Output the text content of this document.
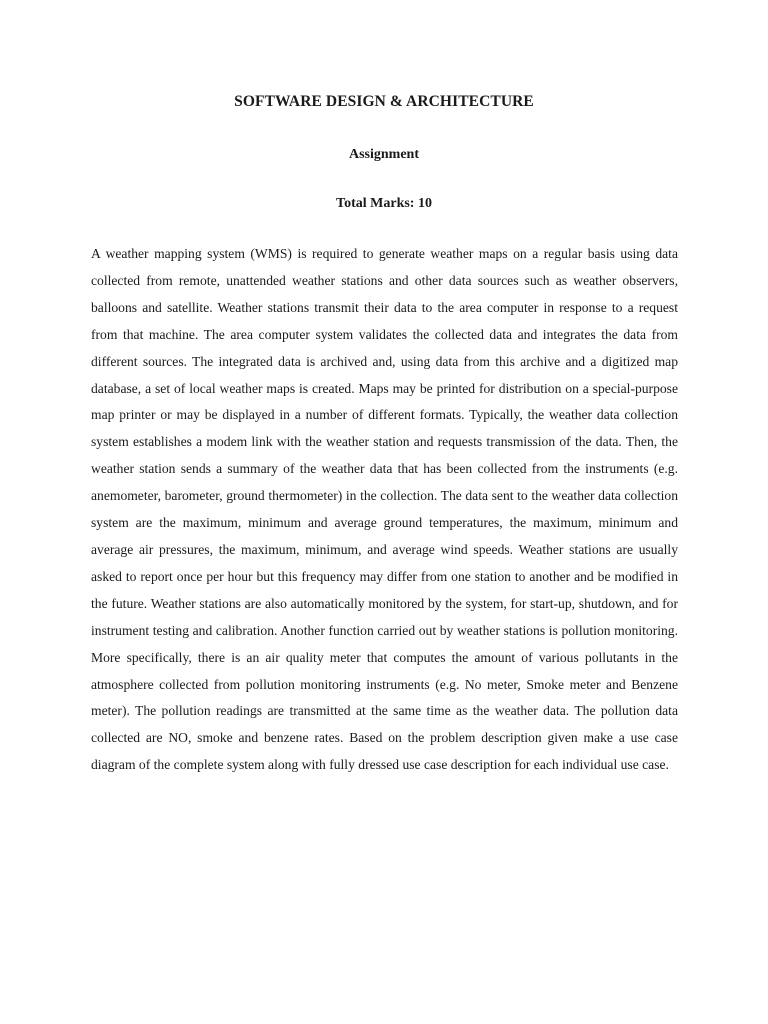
SOFTWARE DESIGN & ARCHITECTURE
Assignment
Total Marks: 10

A weather mapping system (WMS) is required to generate weather maps on a regular basis using data collected from remote, unattended weather stations and other data sources such as weather observers, balloons and satellite. Weather stations transmit their data to the area computer in response to a request from that machine. The area computer system validates the collected data and integrates the data from different sources. The integrated data is archived and, using data from this archive and a digitized map database, a set of local weather maps is created. Maps may be printed for distribution on a special-purpose map printer or may be displayed in a number of different formats. Typically, the weather data collection system establishes a modem link with the weather station and requests transmission of the data. Then, the weather station sends a summary of the weather data that has been collected from the instruments (e.g. anemometer, barometer, ground thermometer) in the collection. The data sent to the weather data collection system are the maximum, minimum and average ground temperatures, the maximum, minimum and average air pressures, the maximum, minimum, and average wind speeds. Weather stations are usually asked to report once per hour but this frequency may differ from one station to another and be modified in the future. Weather stations are also automatically monitored by the system, for start-up, shutdown, and for instrument testing and calibration. Another function carried out by weather stations is pollution monitoring. More specifically, there is an air quality meter that computes the amount of various pollutants in the atmosphere collected from pollution monitoring instruments (e.g. No meter, Smoke meter and Benzene meter). The pollution readings are transmitted at the same time as the weather data. The pollution data collected are NO, smoke and benzene rates. Based on the problem description given make a use case diagram of the complete system along with fully dressed use case description for each individual use case.
